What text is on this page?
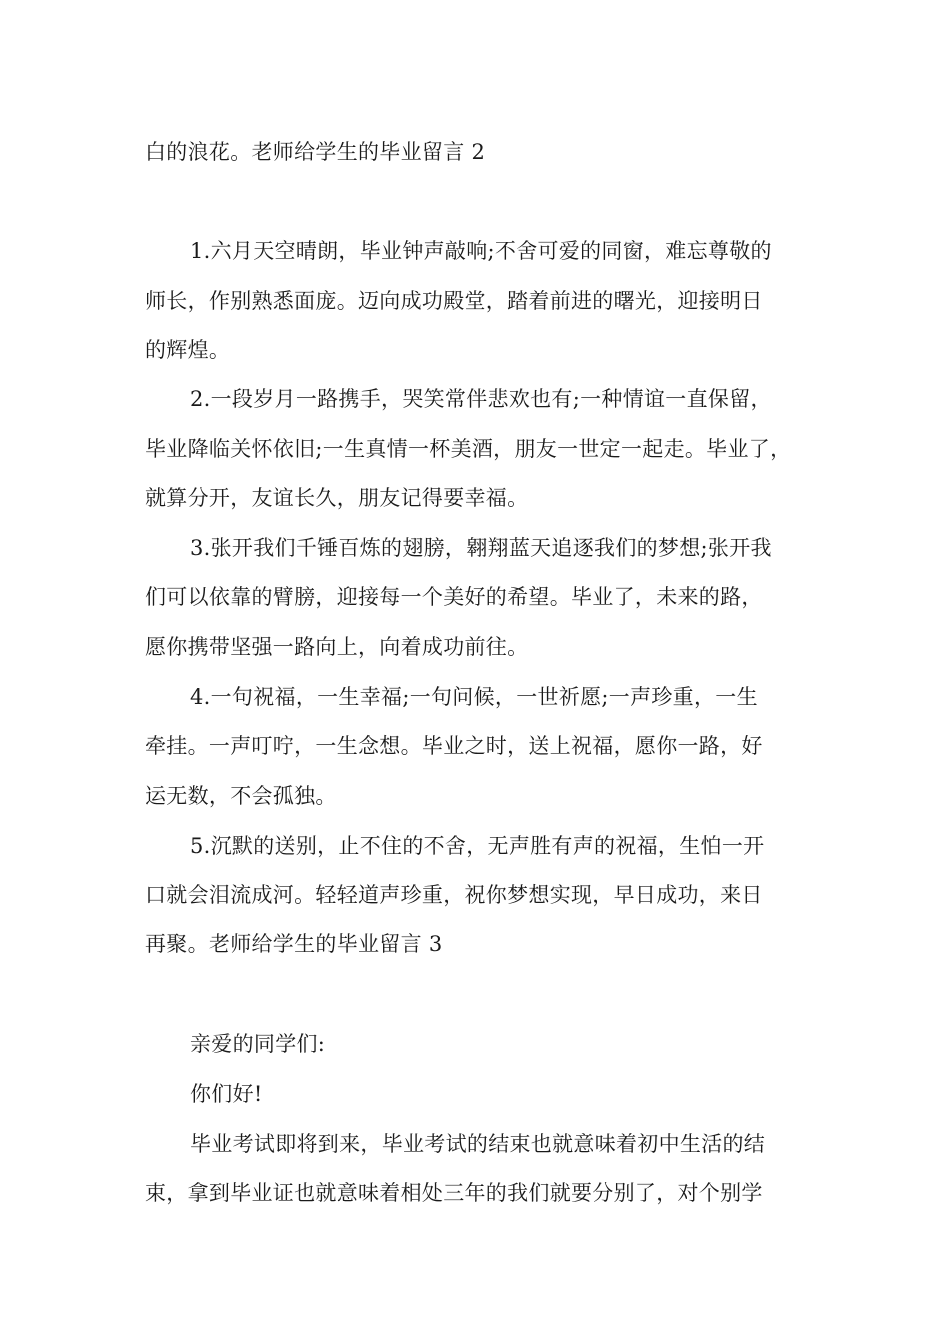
白的浪花。老师给学生的毕业留言 2
1.六月天空晴朗，毕业钟声敲响;不舍可爱的同窗，难忘尊敬的
师长，作别熟悉面庞。迈向成功殿堂，踏着前进的曙光，迎接明日
的辉煌。
2.一段岁月一路携手，哭笑常伴悲欢也有;一种情谊一直保留，
毕业降临关怀依旧;一生真情一杯美酒，朋友一世定一起走。毕业了，
就算分开，友谊长久，朋友记得要幸福。
3.张开我们千锤百炼的翅膀，翱翔蓝天追逐我们的梦想;张开我
们可以依靠的臂膀，迎接每一个美好的希望。毕业了，未来的路，
愿你携带坚强一路向上，向着成功前往。
4.一句祝福，一生幸福;一句问候，一世祈愿;一声珍重，一生
牵挂。一声叮咛，一生念想。毕业之时，送上祝福，愿你一路，好
运无数，不会孤独。
5.沉默的送别，止不住的不舍，无声胜有声的祝福，生怕一开
口就会泪流成河。轻轻道声珍重，祝你梦想实现，早日成功，来日
再聚。老师给学生的毕业留言 3
亲爱的同学们:
你们好!
毕业考试即将到来，毕业考试的结束也就意味着初中生活的结
束，拿到毕业证也就意味着相处三年的我们就要分别了，对个别学
